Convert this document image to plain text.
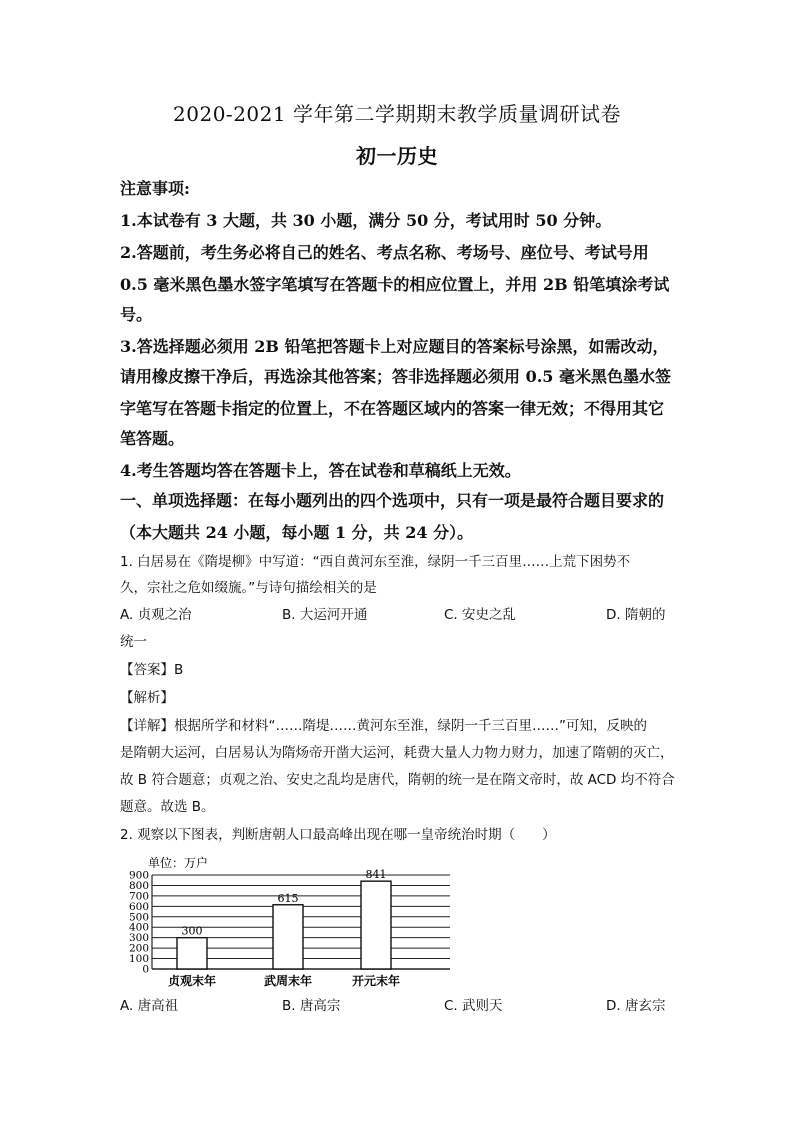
2020-2021 学年第二学期期末教学质量调研试卷
初一历史
注意事项:
1.本试卷有 3 大题，共 30 小题，满分 50 分，考试用时 50 分钟。
2.答题前，考生务必将自己的姓名、考点名称、考场号、座位号、考试号用
0.5 毫米黑色墨水签字笔填写在答题卡的相应位置上，并用 2B 铅笔填涂考试
号。
3.答选择题必须用 2B 铅笔把答题卡上对应题目的答案标号涂黑，如需改动，
请用橡皮擦干净后，再选涂其他答案；答非选择题必须用 0.5 毫米黑色墨水签
字笔写在答题卡指定的位置上，不在答题区域内的答案一律无效；不得用其它
笔答题。
4.考生答题均答在答题卡上，答在试卷和草稿纸上无效。
一、单项选择题：在每小题列出的四个选项中，只有一项是最符合题目要求的
（本大题共 24 小题，每小题 1 分，共 24 分）。
1. 白居易在《隋堤柳》中写道：“西自黄河东至淮，绿阴一千三百里……上荒下困势不
久，宗社之危如缀旒。”与诗句描绘相关的是
A. 贞观之治	B. 大运河开通	C. 安史之乱	D. 隋朝的
统一
【答案】B
【解析】
【详解】根据所学和材料“……隋堤……黄河东至淮，绿阴一千三百里……”可知，反映的
是隋朝大运河，白居易认为隋炀帝开凿大运河，耗费大量人力物力财力，加速了隋朝的灭亡，
故 B 符合题意；贞观之治、安史之乱均是唐代，隋朝的统一是在隋文帝时，故 ACD 均不符合
题意。故选 B。
2. 观察以下图表，判断唐朝人口最高峰出现在哪一皇帝统治时期（　　）
单位：万户
0
100
200
300
400
500
600
700
800
900
300
615
841
贞观末年	武周末年	开元末年
A. 唐高祖	B. 唐高宗	C. 武则天	D. 唐玄宗
